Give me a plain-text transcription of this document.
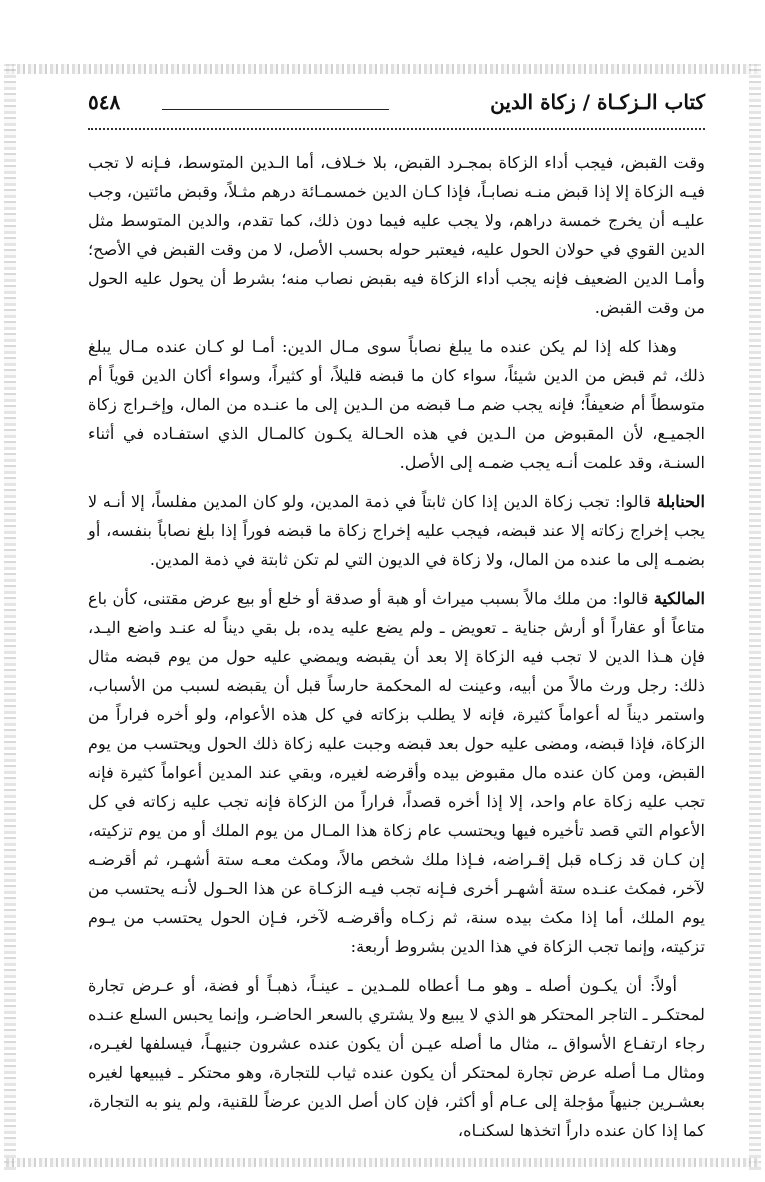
كتاب الـزكـاة / زكاة الدين
٥٤٨

وقت القبض، فيجب أداء الزكاة بمجـرد القبض، بلا خـلاف، أما الـدين المتوسط، فـإنه لا تجب فيـه الزكاة إلا إذا قبض منـه نصابـاً، فإذا كـان الدين خمسمـائة درهم مثـلاً، وقبض مائتين، وجب عليـه أن يخرج خمسة دراهم، ولا يجب عليه فيما دون ذلك، كما تقدم، والدين المتوسط مثل الدين القوي في حولان الحول عليه، فيعتبر حوله بحسب الأصل، لا من وقت القبض في الأصح؛ وأمـا الدين الضعيف فإنه يجب أداء الزكاة فيه بقبض نصاب منه؛ بشرط أن يحول عليه الحول من وقت القبض.

وهذا كله إذا لم يكن عنده ما يبلغ نصاباً سوى مـال الدين: أمـا لو كـان عنده مـال يبلغ ذلك، ثم قبض من الدين شيئاً، سواء كان ما قبضه قليلاً، أو كثيراً، وسواء أكان الدين قوياً أم متوسطاً أم ضعيفاً؛ فإنه يجب ضم مـا قبضه من الـدين إلى ما عنـده من المال، وإخـراج زكاة الجميـع، لأن المقبوض من الـدين في هذه الحـالة يكـون كالمـال الذي استفـاده في أثناء السنـة، وقد علمت أنـه يجب ضمـه إلى الأصل.

الحنابلة قالوا: تجب زكاة الدين إذا كان ثابتاً في ذمة المدين، ولو كان المدين مفلساً، إلا أنـه لا يجب إخراج زكاته إلا عند قبضه، فيجب عليه إخراج زكاة ما قبضه فوراً إذا بلغ نصاباً بنفسه، أو بضمـه إلى ما عنده من المال، ولا زكاة في الديون التي لم تكن ثابتة في ذمة المدين.

المالكية قالوا: من ملك مالاً بسبب ميراث أو هبة أو صدقة أو خلع أو بيع عرض مقتنى، كأن باع متاعاً أو عقاراً أو أرش جناية ـ تعويض ـ ولم يضع عليه يده، بل بقي ديناً له عنـد واضع اليـد، فإن هـذا الدين لا تجب فيه الزكاة إلا بعد أن يقبضه ويمضي عليه حول من يوم قبضه مثال ذلك: رجل ورث مالاً من أبيه، وعينت له المحكمة حارساً قبل أن يقبضه لسبب من الأسباب، واستمر ديناً له أعواماً كثيرة، فإنه لا يطلب بزكاته في كل هذه الأعوام، ولو أخره فراراً من الزكاة، فإذا قبضه، ومضى عليه حول بعد قبضه وجبت عليه زكاة ذلك الحول ويحتسب من يوم القبض، ومن كان عنده مال مقبوض بيده وأقرضه لغيره، وبقي عند المدين أعواماً كثيرة فإنه تجب عليه زكاة عام واحد، إلا إذا أخره قصداً، فراراً من الزكاة فإنه تجب عليه زكاته في كل الأعوام التي قصد تأخيره فيها ويحتسب عام زكاة هذا المـال من يوم الملك أو من يوم تزكيته، إن كـان قد زكـاه قبل إقـراضه، فـإذا ملك شخص مالاً، ومكث معـه ستة أشهـر، ثم أقرضـه لآخر، فمكث عنـده ستة أشهـر أخرى فـإنه تجب فيـه الزكـاة عن هذا الحـول لأنـه يحتسب من يوم الملك، أما إذا مكث بيده سنة، ثم زكـاه وأقرضـه لآخر، فـإن الحول يحتسب من يـوم تزكيته، وإنما تجب الزكاة في هذا الدين بشروط أربعة:

أولاً: أن يكـون أصله ـ وهو مـا أعطاه للمـدين ـ عينـاً، ذهبـاً أو فضة، أو عـرض تجارة لمحتكـر ـ التاجر المحتكر هو الذي لا يبيع ولا يشتري بالسعر الحاضـر، وإنما يحبس السلع عنـده رجاء ارتفـاع الأسواق ـ، مثال ما أصله عيـن أن يكون عنده عشرون جنيهـاً، فيسلفها لغيـره، ومثال مـا أصله عرض تجارة لمحتكر أن يكون عنده ثياب للتجارة، وهو محتكر ـ فيبيعها لغيره بعشـرين جنيهاً مؤجلة إلى عـام أو أكثر، فإن كان أصل الدين عرضاً للقنية، ولم ينو به التجارة، كما إذا كان عنده داراً اتخذها لسكنـاه،
